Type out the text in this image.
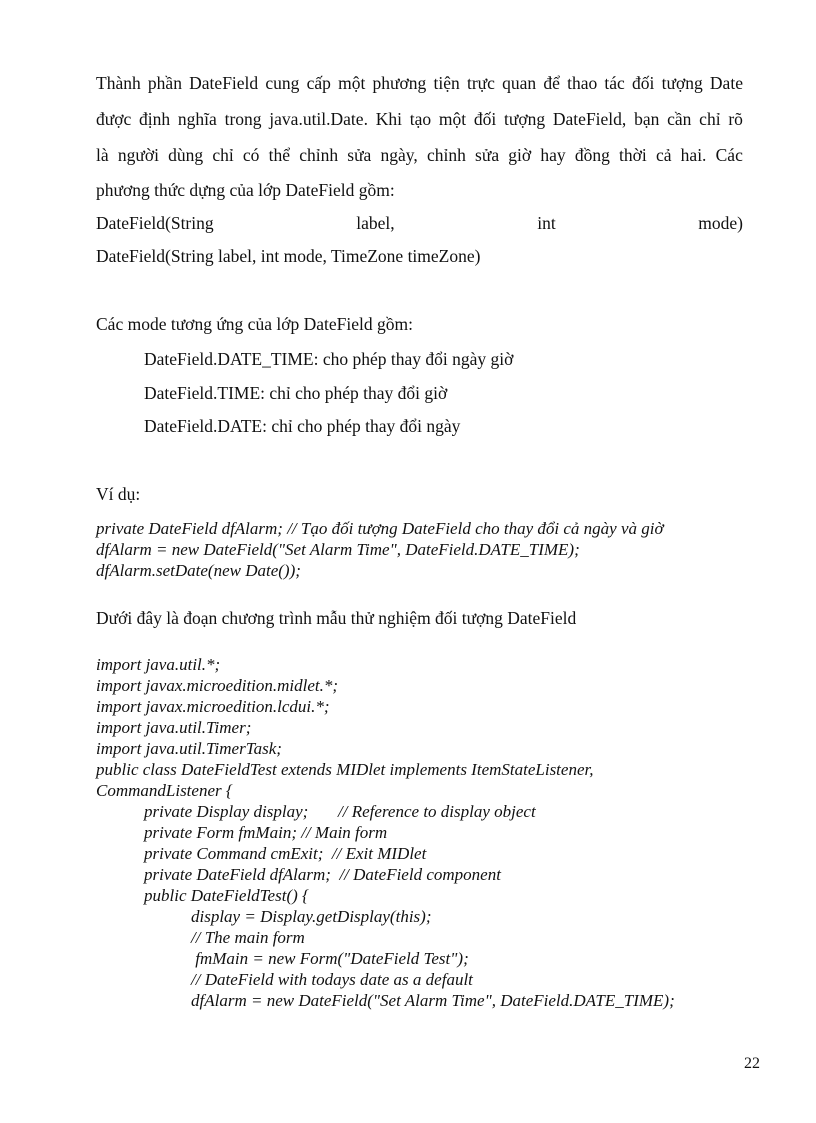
Thành phần DateField cung cấp một phương tiện trực quan để thao tác đối tượng Date
được định nghĩa trong java.util.Date. Khi tạo một đối tượng DateField, bạn cần chỉ rõ
là người dùng chỉ có thể chỉnh sửa ngày, chỉnh sửa giờ hay đồng thời cả hai. Các
phương thức dựng của lớp DateField gồm:
DateField(String	label,	int	mode)
DateField(String label, int mode, TimeZone timeZone)
Các mode tương ứng của lớp DateField gồm:
DateField.DATE_TIME: cho phép thay đổi ngày giờ
DateField.TIME: chỉ cho phép thay đổi giờ
DateField.DATE: chỉ cho phép thay đổi ngày
Ví dụ:
private DateField dfAlarm; // Tạo đối tượng DateField cho thay đổi cả ngày và giờ
dfAlarm = new DateField("Set Alarm Time", DateField.DATE_TIME);
dfAlarm.setDate(new Date());
Dưới đây là đoạn chương trình mẫu thử nghiệm đối tượng DateField
import java.util.*;
import javax.microedition.midlet.*;
import javax.microedition.lcdui.*;
import java.util.Timer;
import java.util.TimerTask;
public class DateFieldTest extends MIDlet implements ItemStateListener,
CommandListener {
private Display display;       // Reference to display object
private Form fmMain; // Main form
private Command cmExit;  // Exit MIDlet
private DateField dfAlarm;  // DateField component
public DateFieldTest() {
display = Display.getDisplay(this);
// The main form
fmMain = new Form("DateField Test");
// DateField with todays date as a default
dfAlarm = new DateField("Set Alarm Time", DateField.DATE_TIME);
22
